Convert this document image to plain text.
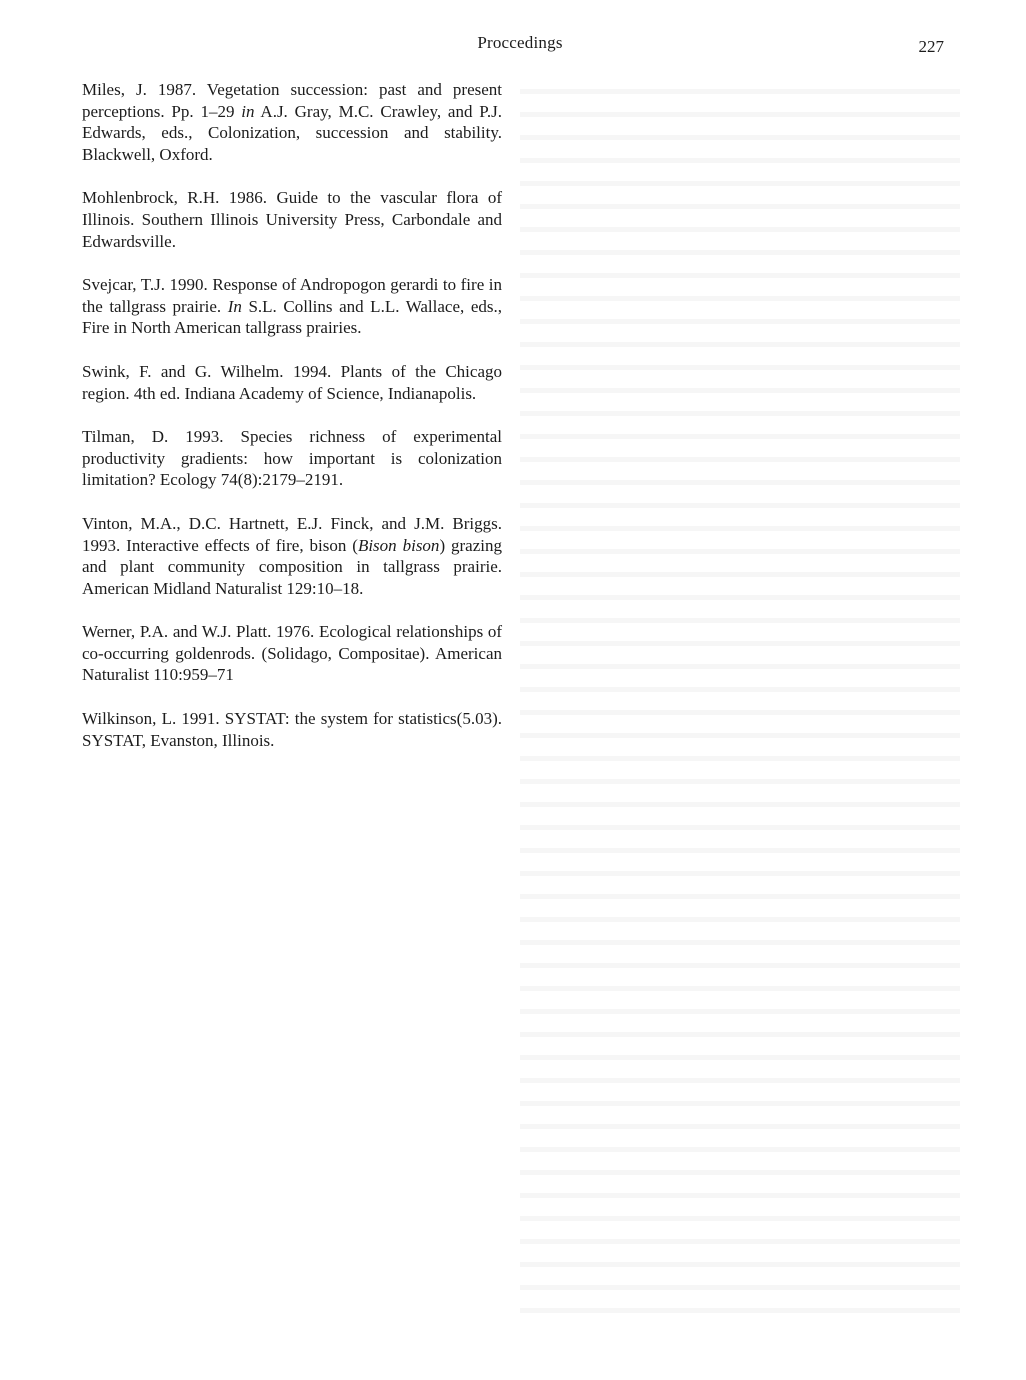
Proccedings	227
Miles, J. 1987. Vegetation succession: past and present perceptions. Pp. 1–29 in A.J. Gray, M.C. Crawley, and P.J. Edwards, eds., Colonization, succession and stability. Blackwell, Oxford.
Mohlenbrock, R.H. 1986. Guide to the vascular flora of Illinois. Southern Illinois University Press, Carbondale and Edwardsville.
Svejcar, T.J. 1990. Response of Andropogon gerardi to fire in the tallgrass prairie. In S.L. Collins and L.L. Wallace, eds., Fire in North American tallgrass prairies.
Swink, F. and G. Wilhelm. 1994. Plants of the Chicago region. 4th ed. Indiana Academy of Science, Indianapolis.
Tilman, D. 1993. Species richness of experimental productivity gradients: how important is colonization limitation? Ecology 74(8):2179–2191.
Vinton, M.A., D.C. Hartnett, E.J. Finck, and J.M. Briggs. 1993. Interactive effects of fire, bison (Bison bison) grazing and plant community composition in tallgrass prairie. American Midland Naturalist 129:10–18.
Werner, P.A. and W.J. Platt. 1976. Ecological relationships of co-occurring goldenrods. (Solidago, Compositae). American Naturalist 110:959–71
Wilkinson, L. 1991. SYSTAT: the system for statistics(5.03). SYSTAT, Evanston, Illinois.
